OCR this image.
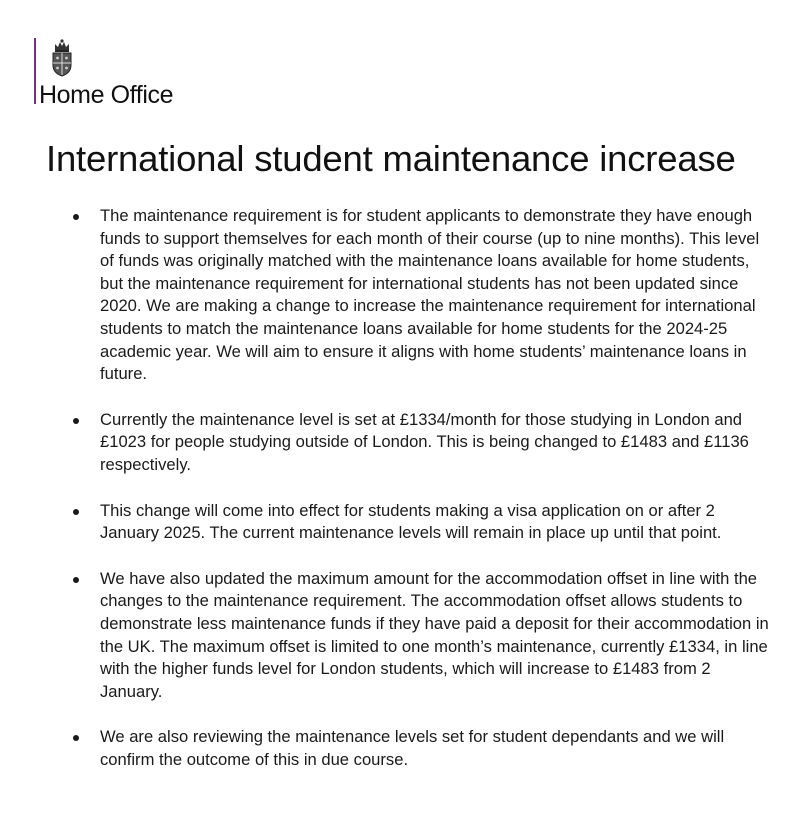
Home Office
International student maintenance increase
The maintenance requirement is for student applicants to demonstrate they have enough funds to support themselves for each month of their course (up to nine months). This level of funds was originally matched with the maintenance loans available for home students, but the maintenance requirement for international students has not been updated since 2020. We are making a change to increase the maintenance requirement for international students to match the maintenance loans available for home students for the 2024-25 academic year. We will aim to ensure it aligns with home students’ maintenance loans in future.
Currently the maintenance level is set at £1334/month for those studying in London and £1023 for people studying outside of London. This is being changed to £1483 and £1136 respectively.
This change will come into effect for students making a visa application on or after 2 January 2025. The current maintenance levels will remain in place up until that point.
We have also updated the maximum amount for the accommodation offset in line with the changes to the maintenance requirement. The accommodation offset allows students to demonstrate less maintenance funds if they have paid a deposit for their accommodation in the UK. The maximum offset is limited to one month’s maintenance, currently £1334, in line with the higher funds level for London students, which will increase to £1483 from 2 January.
We are also reviewing the maintenance levels set for student dependants and we will confirm the outcome of this in due course.
